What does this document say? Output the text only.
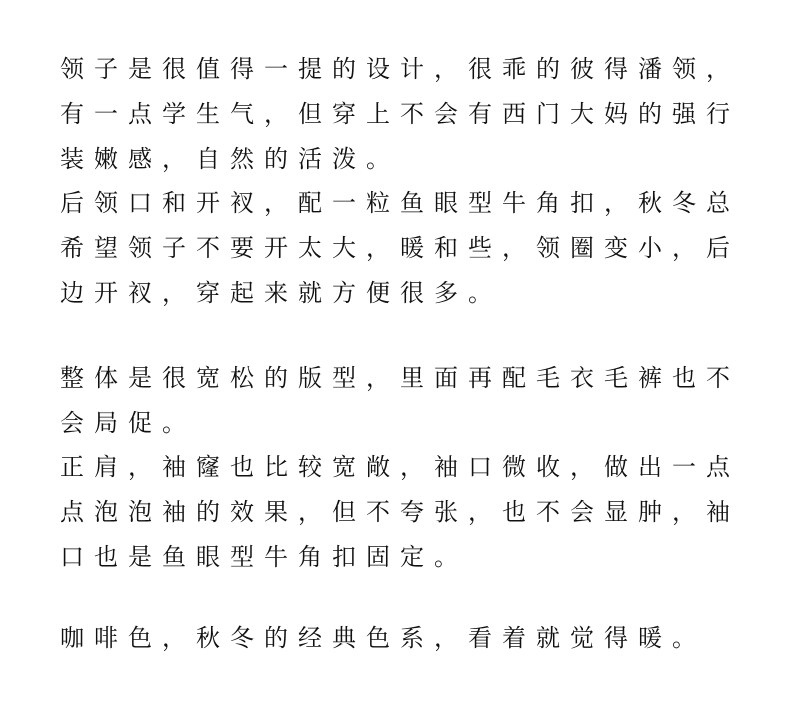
领子是很值得一提的设计，很乖的彼得潘领，
有一点学生气，但穿上不会有西门大妈的强行
装嫩感，自然的活泼。
后领口和开衩，配一粒鱼眼型牛角扣，秋冬总
希望领子不要开太大，暖和些，领圈变小，后
边开衩，穿起来就方便很多。
整体是很宽松的版型，里面再配毛衣毛裤也不
会局促。
正肩，袖窿也比较宽敞，袖口微收，做出一点
点泡泡袖的效果，但不夸张，也不会显肿，袖
口也是鱼眼型牛角扣固定。
咖啡色，秋冬的经典色系，看着就觉得暖。
